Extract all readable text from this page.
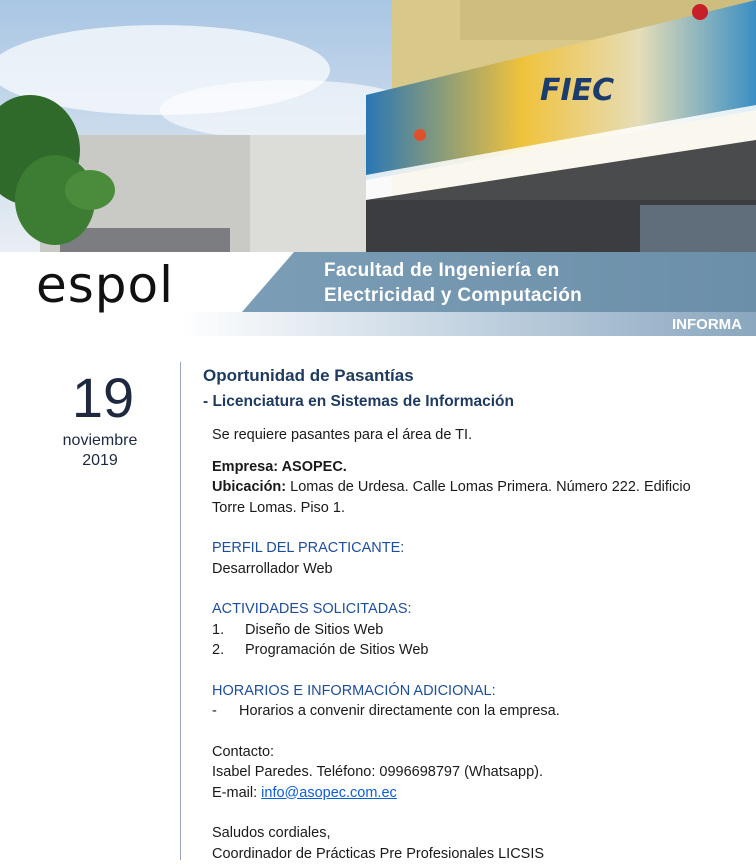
FIEC
espol	Facultad de Ingeniería en
Electricidad y Computación
INFORMA
19
noviembre
2019
Oportunidad de Pasantías
- Licenciatura en Sistemas de Información

Se requiere pasantes para el área de TI.

Empresa: ASOPEC.

Ubicación: Lomas de Urdesa. Calle Lomas Primera. Número 222. Edificio

Torre Lomas. Piso 1.

PERFIL DEL PRACTICANTE:

Desarrollador Web

ACTIVIDADES SOLICITADAS:

1.	Diseño de Sitios Web
2.	Programación de Sitios Web

HORARIOS E INFORMACIÓN ADICIONAL:

-	Horarios a convenir directamente con la empresa.

Contacto:

Isabel Paredes. Teléfono: 0996698797 (Whatsapp).

E-mail: info@asopec.com.ec

Saludos cordiales,

Coordinador de Prácticas Pre Profesionales LICSIS
